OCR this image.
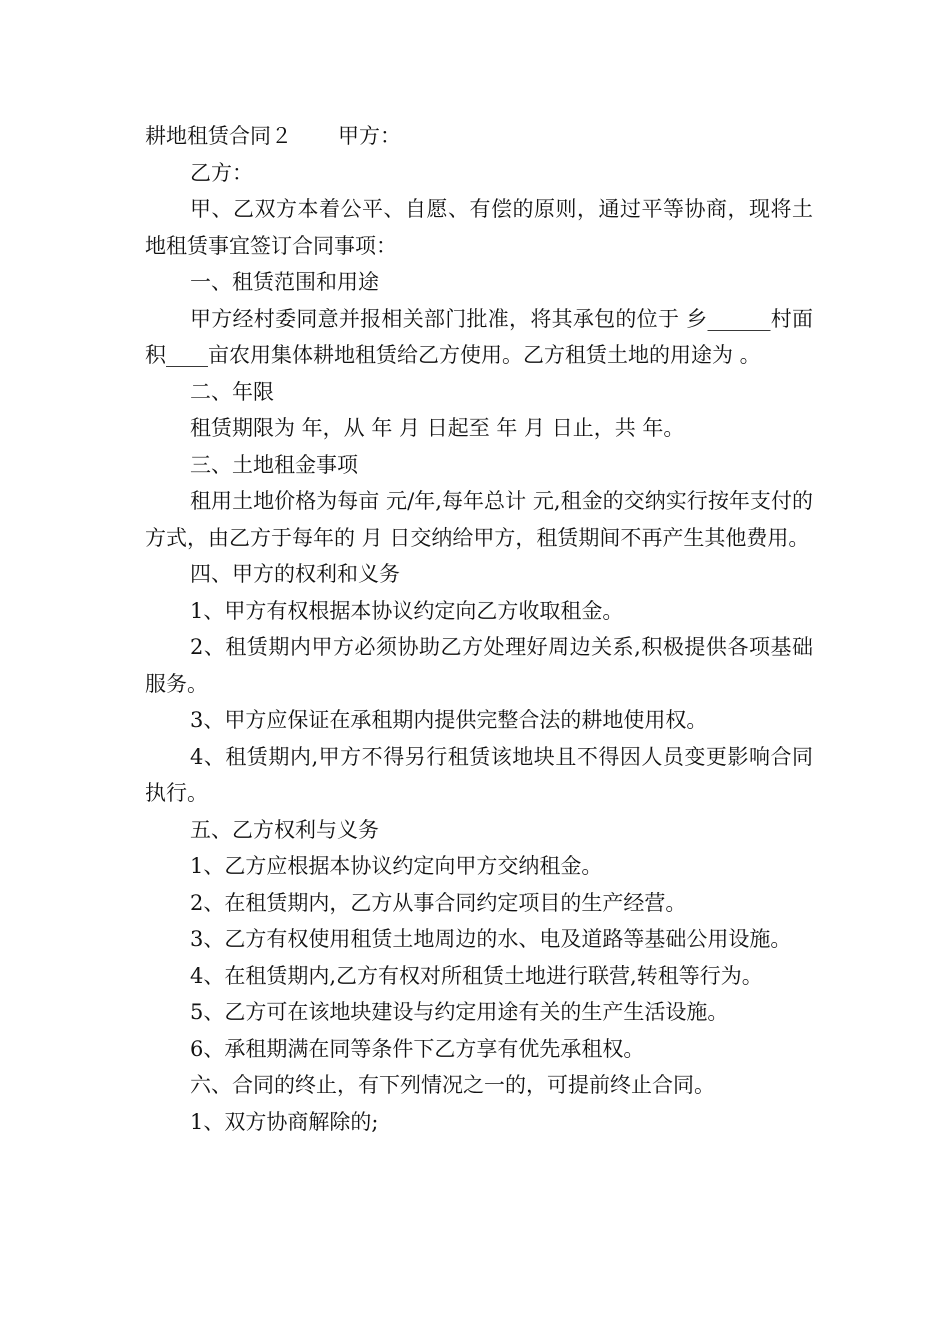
耕地租赁合同２ 甲方：

乙方：

甲、乙双方本着公平、自愿、有偿的原则，通过平等协商，现将土地租赁事宜签订合同事项：

一、租赁范围和用途

甲方经村委同意并报相关部门批准，将其承包的位于 乡______村面积____亩农用集体耕地租赁给乙方使用。乙方租赁土地的用途为 。

二、年限

租赁期限为 年，从 年 月 日起至 年 月 日止，共 年。

三、土地租金事项

租用土地价格为每亩 元/年,每年总计 元,租金的交纳实行按年支付的方式，由乙方于每年的 月 日交纳给甲方，租赁期间不再产生其他费用。

四、甲方的权利和义务

1、甲方有权根据本协议约定向乙方收取租金。

2、租赁期内甲方必须协助乙方处理好周边关系,积极提供各项基础服务。

3、甲方应保证在承租期内提供完整合法的耕地使用权。

4、租赁期内,甲方不得另行租赁该地块且不得因人员变更影响合同执行。

五、乙方权利与义务

1、乙方应根据本协议约定向甲方交纳租金。

2、在租赁期内，乙方从事合同约定项目的生产经营。

3、乙方有权使用租赁土地周边的水、电及道路等基础公用设施。

4、在租赁期内,乙方有权对所租赁土地进行联营,转租等行为。

5、乙方可在该地块建设与约定用途有关的生产生活设施。

6、承租期满在同等条件下乙方享有优先承租权。

六、合同的终止，有下列情况之一的，可提前终止合同。

1、双方协商解除的;
